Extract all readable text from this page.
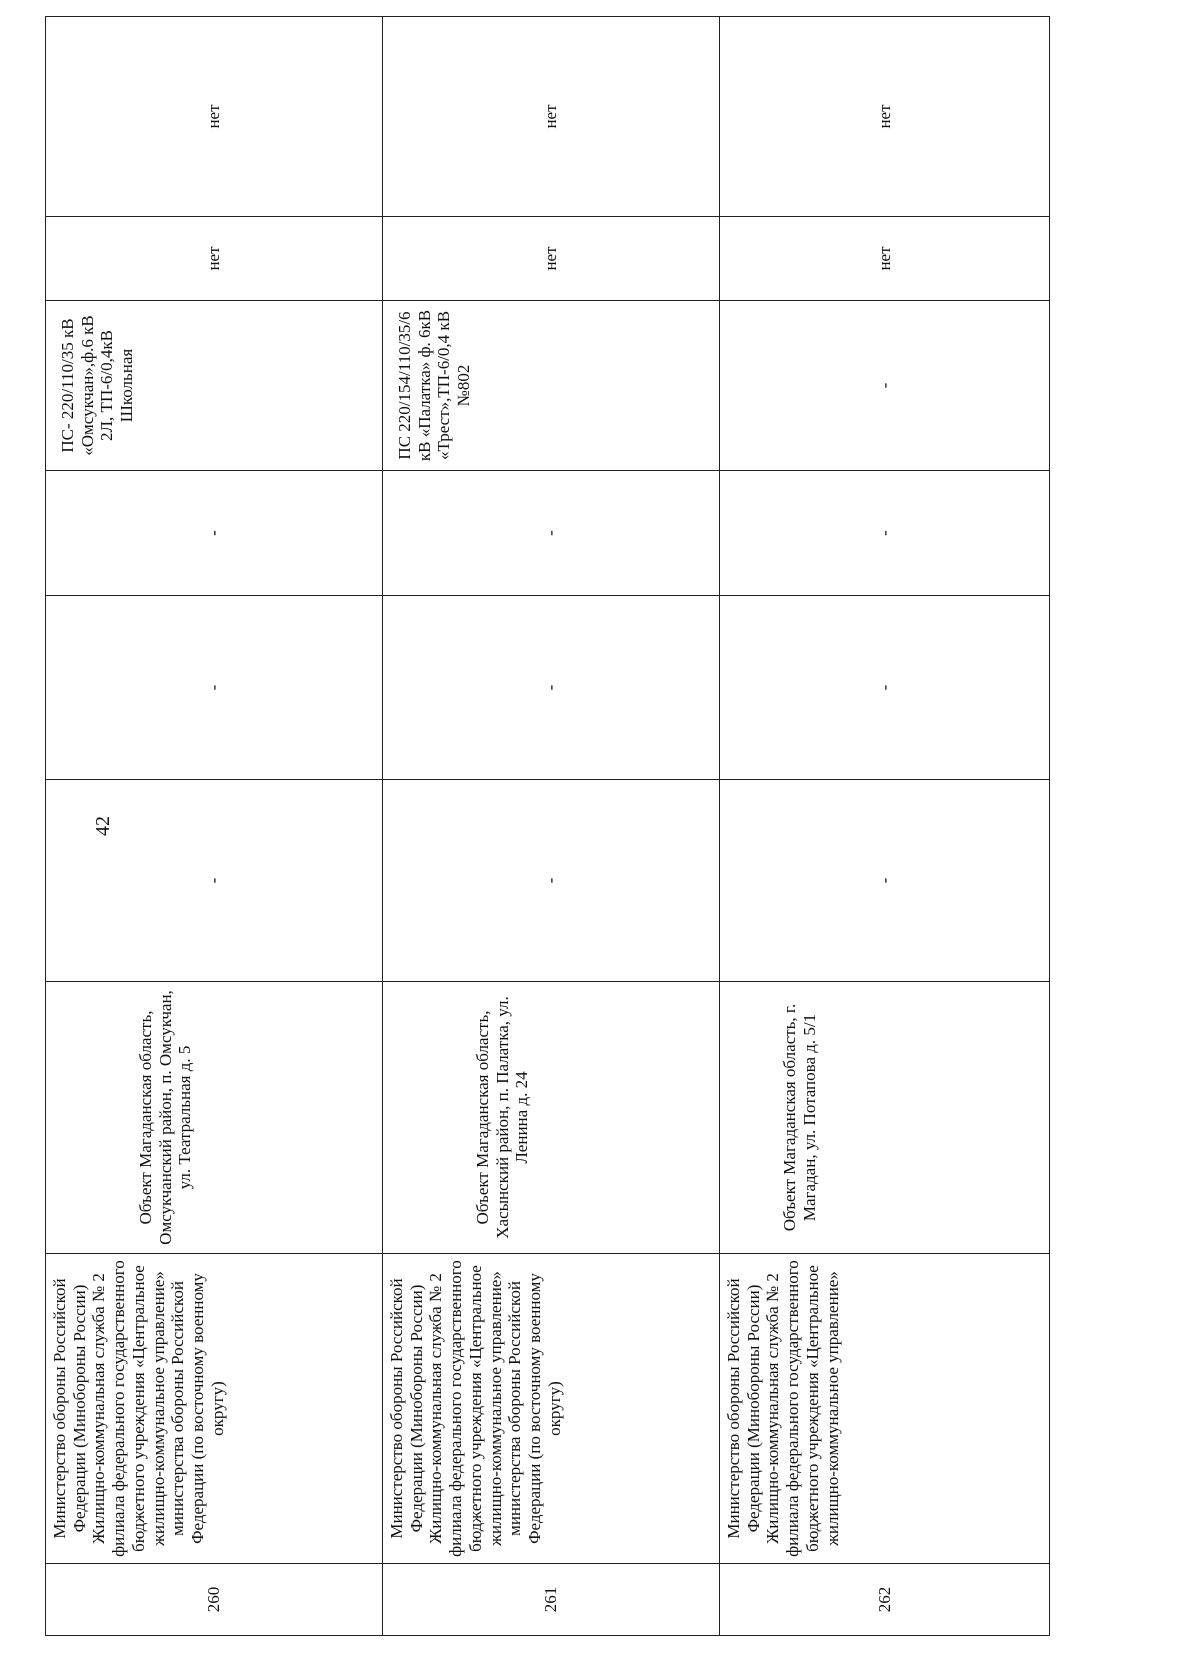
42
260	Министерство обороны Российской Федерации (Минобороны России) Жилищно-коммунальная служба № 2 филиала федерального государственного бюджетного учреждения «Центральное жилищно-коммунальное управление» министерства обороны Российской Федерации (по восточному военному округу)	Объект Магаданская область, Омсукчанский район, п. Омсукчан, ул. Театральная д. 5	-	-	-	ПС- 220/110/35 кВ «Омсукчан»,ф.6 кВ 2Л, ТП-6/0,4кВ Школьная	нет	нет
261	Министерство обороны Российской Федерации (Минобороны России) Жилищно-коммунальная служба № 2 филиала федерального государственного бюджетного учреждения «Центральное жилищно-коммунальное управление» министерства обороны Российской Федерации (по восточному военному округу)	Объект Магаданская область, Хасынский район, п. Палатка, ул. Ленина д. 24	-	-	-	ПС 220/154/110/35/6 кВ «Палатка» ф. 6кВ «Трест»,ТП-6/0,4 кВ №802	нет	нет
262	Министерство обороны Российской Федерации (Минобороны России) Жилищно-коммунальная служба № 2 филиала федерального государственного бюджетного учреждения «Центральное жилищно-коммунальное управление»	Объект Магаданская область, г. Магадан, ул. Потапова д. 5/1	-	-	-	-	нет	нет
